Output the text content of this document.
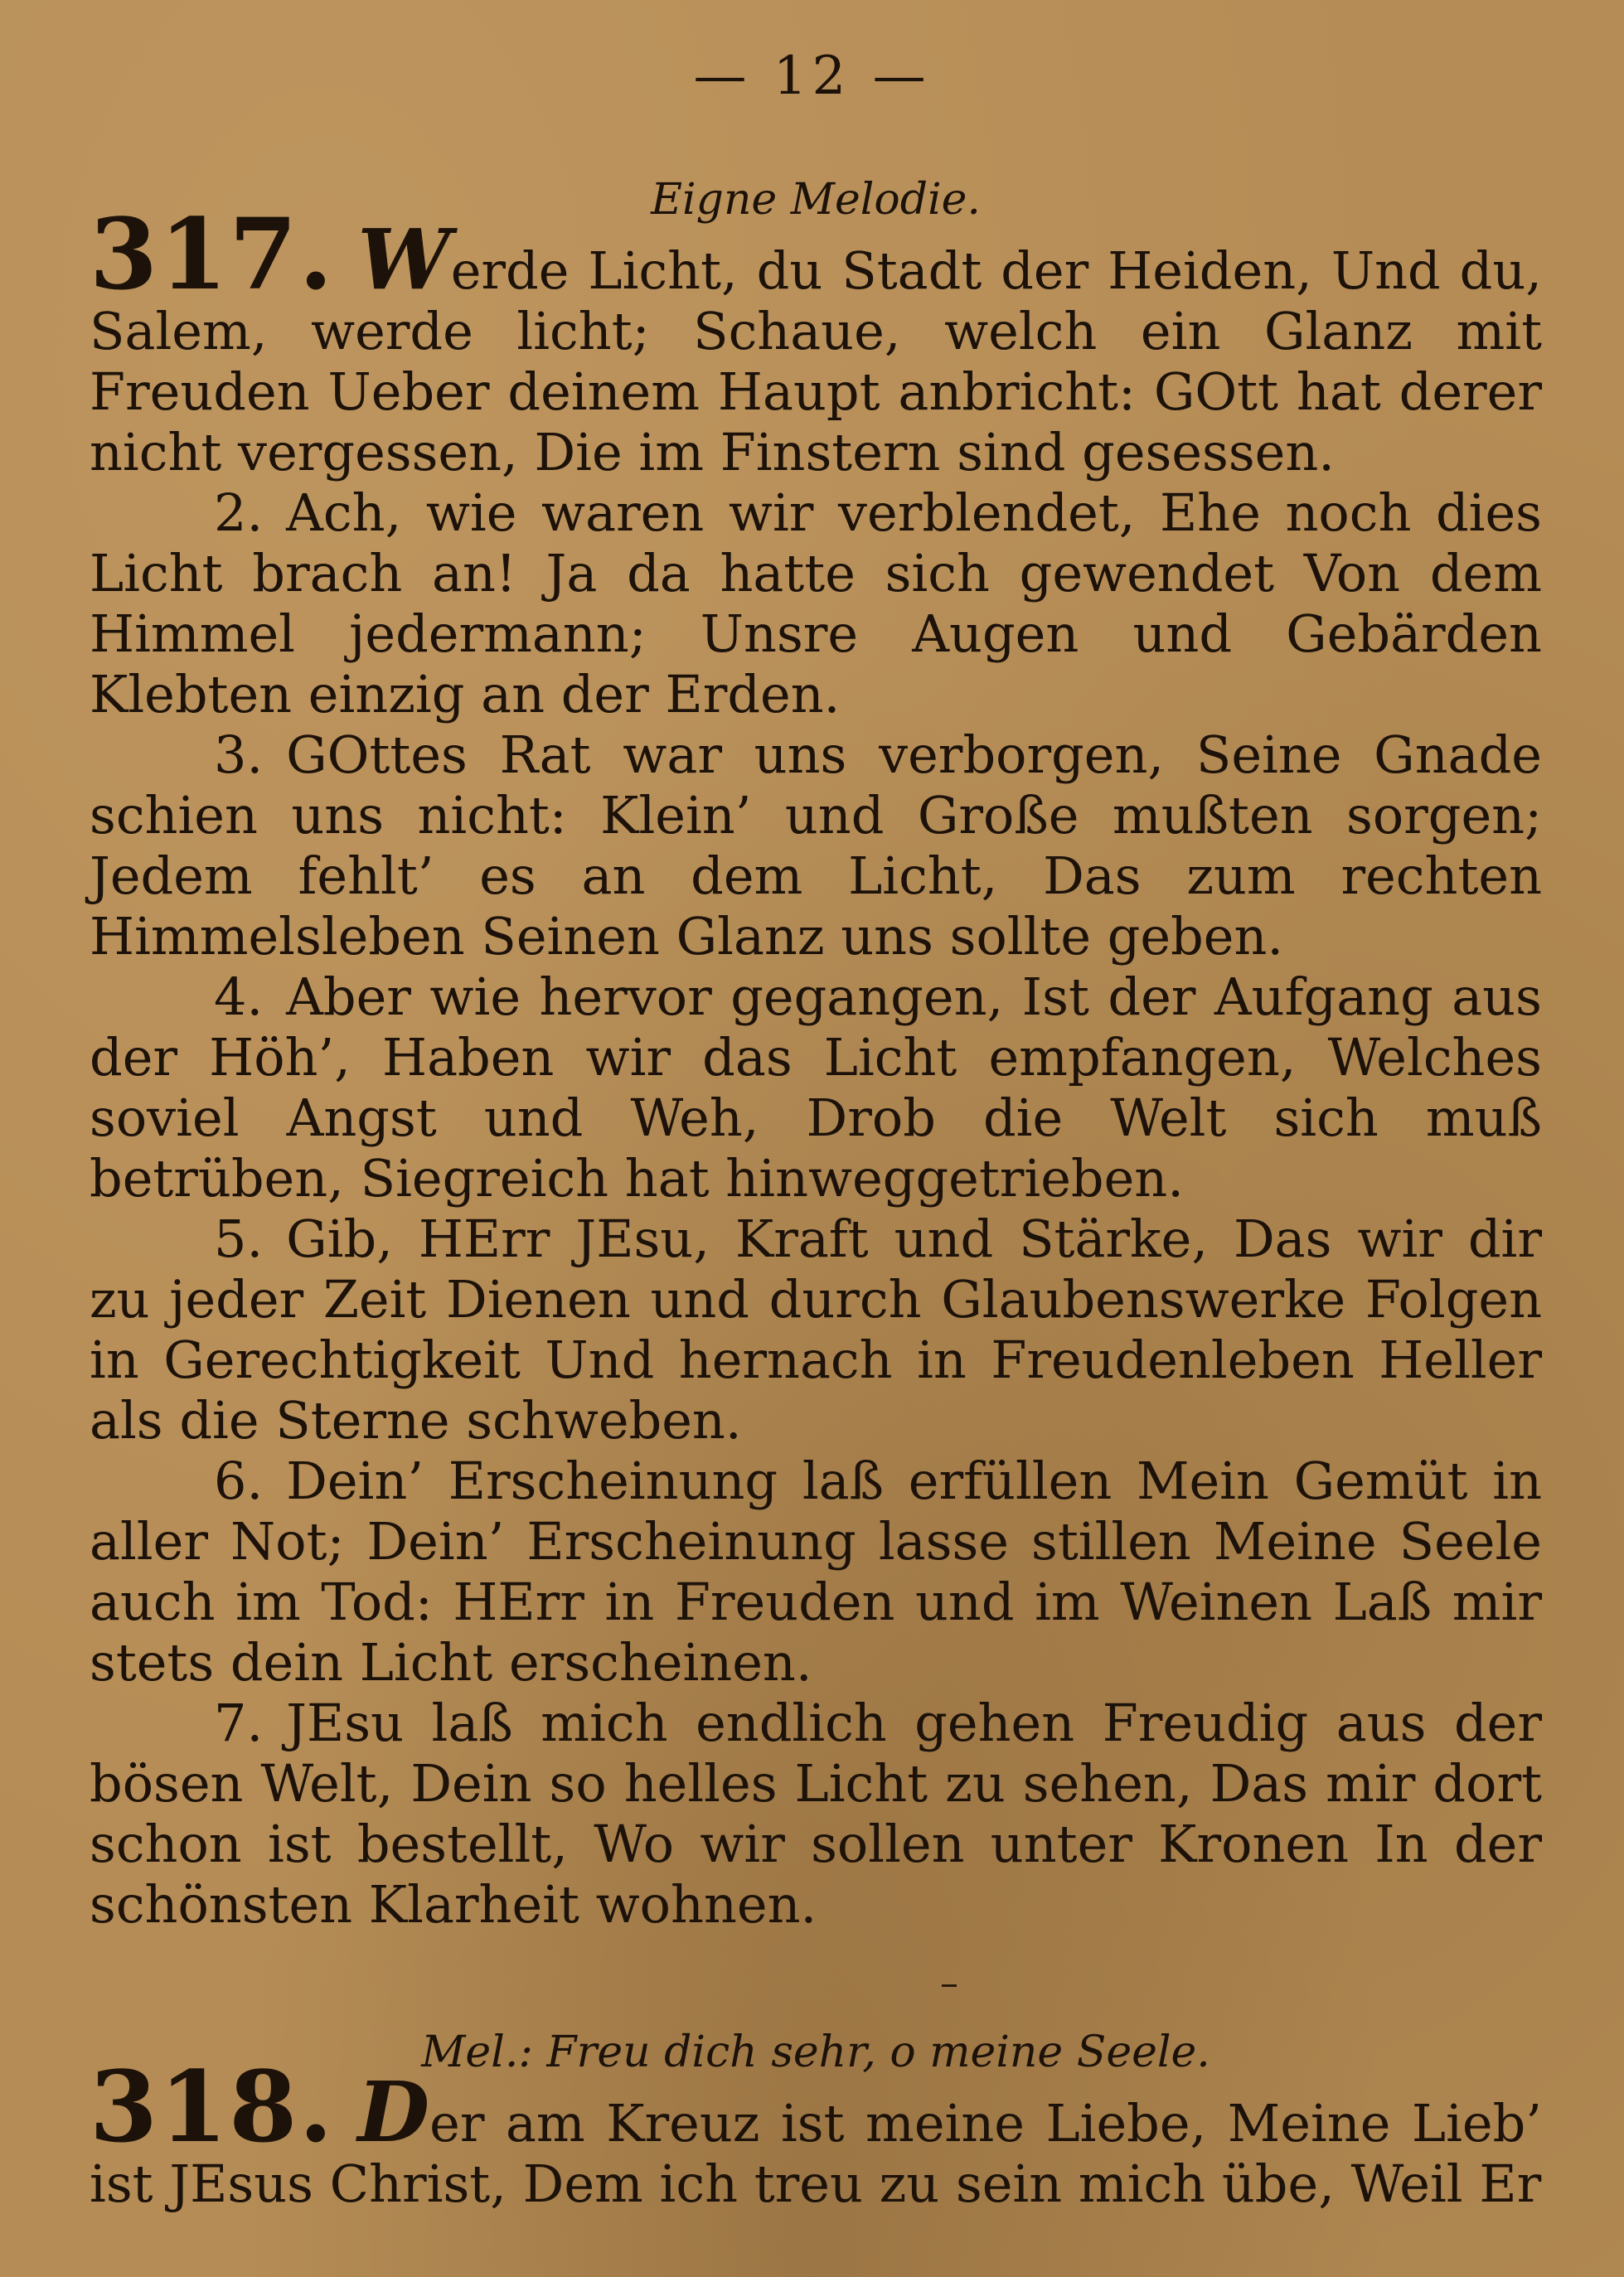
— 12 —
Eigne Melodie.

317. Werde Licht, du Stadt der Heiden, Und du, Salem, werde licht; Schaue, welch ein Glanz mit Freuden Ueber deinem Haupt anbricht: GOtt hat derer nicht vergessen, Die im Finstern sind gesessen.

2. Ach, wie waren wir verblendet, Ehe noch dies Licht brach an! Ja da hatte sich gewendet Von dem Himmel jedermann; Unsre Augen und Gebärden Klebten einzig an der Erden.

3. GOttes Rat war uns verborgen, Seine Gnade schien uns nicht: Klein’ und Große mußten sorgen; Jedem fehlt’ es an dem Licht, Das zum rechten Himmelsleben Seinen Glanz uns sollte geben.

4. Aber wie hervor gegangen, Ist der Aufgang aus der Höh’, Haben wir das Licht empfangen, Welches soviel Angst und Weh, Drob die Welt sich muß betrüben, Siegreich hat hinweggetrieben.

5. Gib, HErr JEsu, Kraft und Stärke, Das wir dir zu jeder Zeit Dienen und durch Glaubenswerke Folgen in Gerechtigkeit Und hernach in Freudenleben Heller als die Sterne schweben.

6. Dein’ Erscheinung laß erfüllen Mein Gemüt in aller Not; Dein’ Erscheinung lasse stillen Meine Seele auch im Tod: HErr in Freuden und im Weinen Laß mir stets dein Licht erscheinen.

7. JEsu laß mich endlich gehen Freudig aus der bösen Welt, Dein so helles Licht zu sehen, Das mir dort schon ist bestellt, Wo wir sollen unter Kronen In der schönsten Klarheit wohnen.

Mel.: Freu dich sehr, o meine Seele.

318. Der am Kreuz ist meine Liebe, Meine Lieb’ ist JEsus Christ, Dem ich treu zu sein mich übe, Weil Er
